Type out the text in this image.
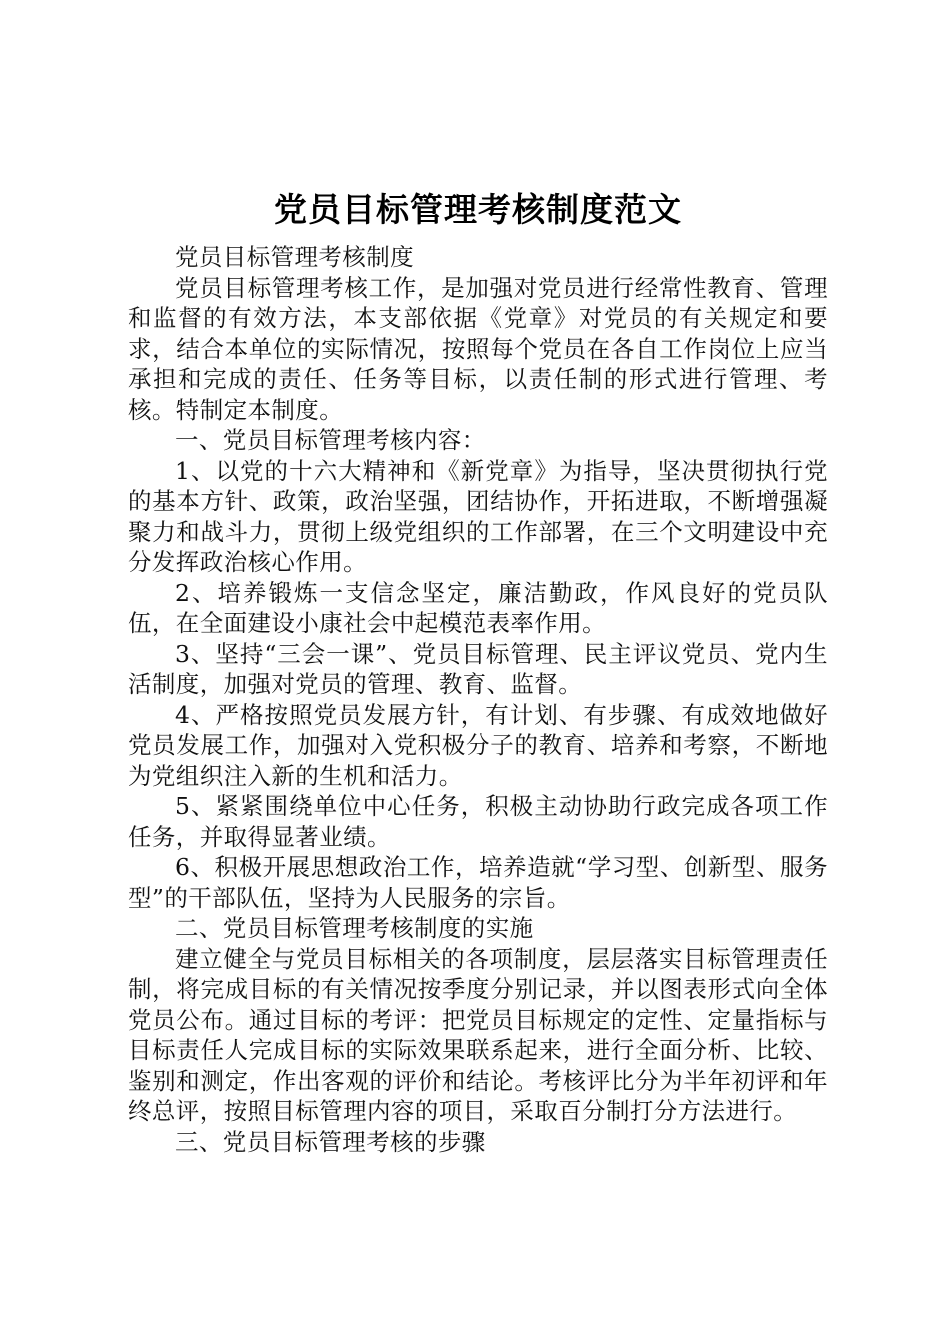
党员目标管理考核制度范文

党员目标管理考核制度

党员目标管理考核工作，是加强对党员进行经常性教育、管理和监督的有效方法，本支部依据《党章》对党员的有关规定和要求，结合本单位的实际情况，按照每个党员在各自工作岗位上应当承担和完成的责任、任务等目标，以责任制的形式进行管理、考核。特制定本制度。

一、党员目标管理考核内容：

1、以党的十六大精神和《新党章》为指导，坚决贯彻执行党的基本方针、政策，政治坚强，团结协作，开拓进取，不断增强凝聚力和战斗力，贯彻上级党组织的工作部署，在三个文明建设中充分发挥政治核心作用。

2、培养锻炼一支信念坚定，廉洁勤政，作风良好的党员队伍，在全面建设小康社会中起模范表率作用。

3、坚持“三会一课”、党员目标管理、民主评议党员、党内生活制度，加强对党员的管理、教育、监督。

4、严格按照党员发展方针，有计划、有步骤、有成效地做好党员发展工作，加强对入党积极分子的教育、培养和考察，不断地为党组织注入新的生机和活力。

5、紧紧围绕单位中心任务，积极主动协助行政完成各项工作任务，并取得显著业绩。

6、积极开展思想政治工作，培养造就“学习型、创新型、服务型”的干部队伍，坚持为人民服务的宗旨。

二、党员目标管理考核制度的实施

建立健全与党员目标相关的各项制度，层层落实目标管理责任制，将完成目标的有关情况按季度分别记录，并以图表形式向全体党员公布。通过目标的考评：把党员目标规定的定性、定量指标与目标责任人完成目标的实际效果联系起来，进行全面分析、比较、鉴别和测定，作出客观的评价和结论。考核评比分为半年初评和年终总评，按照目标管理内容的项目，采取百分制打分方法进行。

三、党员目标管理考核的步骤
